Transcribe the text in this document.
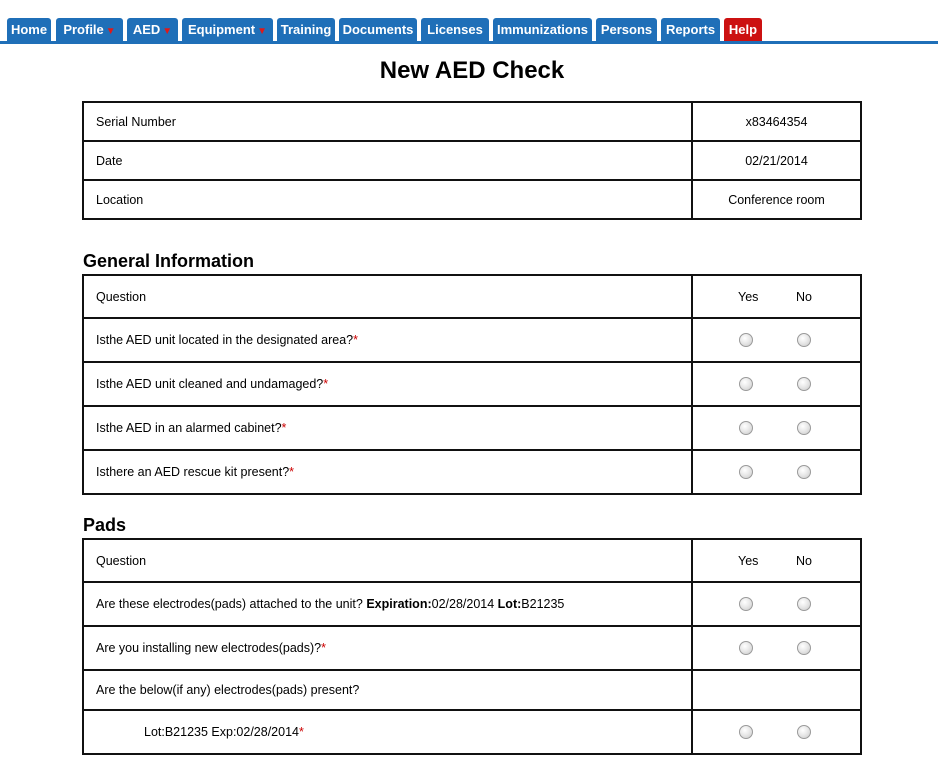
Home	Profile ▼	AED ▼	Equipment ▼	Training Documents	Licenses	Immunizations Persons	Reports	Help
New AED Check
Serial Number	x83464354

Date	02/21/2014

Location	Conference room
General Information
Question	Yes No

Isthe AED unit located in the designated area?*	

Isthe AED unit cleaned and undamaged?*	

Isthe AED in an alarmed cabinet?*	

Isthere an AED rescue kit present?*	
Pads
Question	Yes No

Are these electrodes(pads) attached to the unit? Expiration:02/28/2014 Lot:B21235	

Are you installing new electrodes(pads)?*	

Are the below(if any) electrodes(pads) present?	
Lot:B21235 Exp:02/28/2014*	
